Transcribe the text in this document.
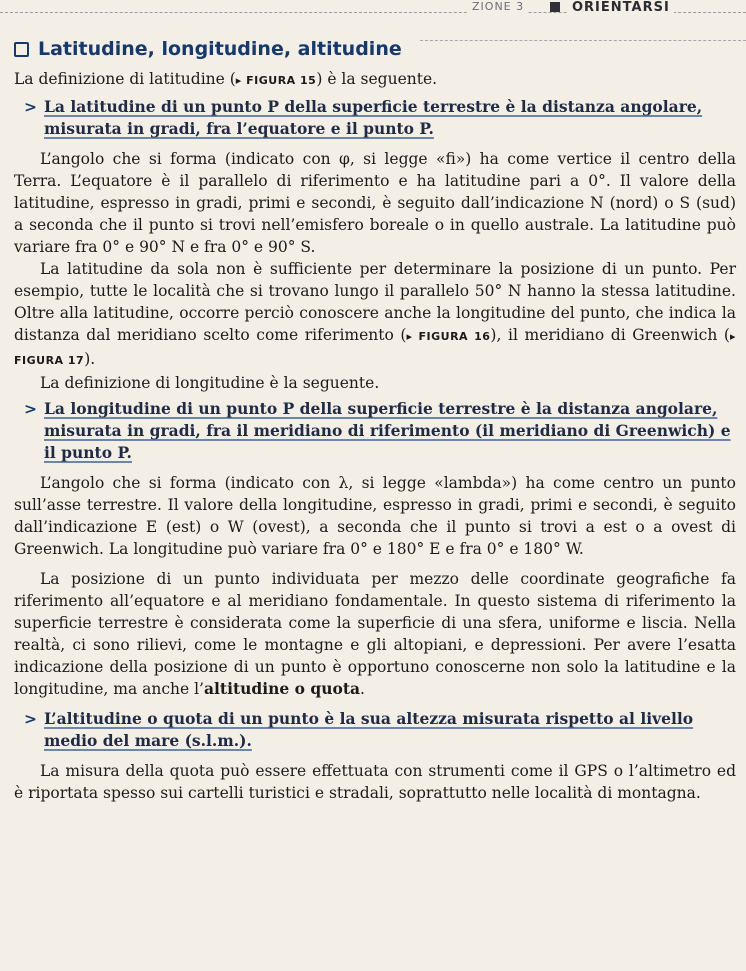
ZIONE 3	ORIENTARSI
Latitudine, longitudine, altitudine

La definizione di latitudine (▸ FIGURA 15) è la seguente.

> La latitudine di un punto P della superficie terrestre è la distanza angolare, misurata in gradi, fra l’equatore e il punto P.

L’angolo che si forma (indicato con φ, si legge «fi») ha come vertice il centro della Terra. L’equatore è il parallelo di riferimento e ha latitudine pari a 0°. Il valore della latitudine, espresso in gradi, primi e secondi, è seguito dall’indicazione N (nord) o S (sud) a seconda che il punto si trovi nell’emisfero boreale o in quello australe. La latitudine può variare fra 0° e 90° N e fra 0° e 90° S.

La latitudine da sola non è sufficiente per determinare la posizione di un punto. Per esempio, tutte le località che si trovano lungo il parallelo 50° N hanno la stessa latitudine. Oltre alla latitudine, occorre perciò conoscere anche la longitudine del punto, che indica la distanza dal meridiano scelto come riferimento (▸ FIGURA 16), il meridiano di Greenwich (▸ FIGURA 17).

La definizione di longitudine è la seguente.

> La longitudine di un punto P della superficie terrestre è la distanza angolare, misurata in gradi, fra il meridiano di riferimento (il meridiano di Greenwich) e il punto P.

L’angolo che si forma (indicato con λ, si legge «lambda») ha come centro un punto sull’asse terrestre. Il valore della longitudine, espresso in gradi, primi e secondi, è seguito dall’indicazione E (est) o W (ovest), a seconda che il punto si trovi a est o a ovest di Greenwich. La longitudine può variare fra 0° e 180° E e fra 0° e 180° W.

La posizione di un punto individuata per mezzo delle coordinate geografiche fa riferimento all’equatore e al meridiano fondamentale. In questo sistema di riferimento la superficie terrestre è considerata come la superficie di una sfera, uniforme e liscia. Nella realtà, ci sono rilievi, come le montagne e gli altopiani, e depressioni. Per avere l’esatta indicazione della posizione di un punto è opportuno conoscerne non solo la latitudine e la longitudine, ma anche l’altitudine o quota.

> L’altitudine o quota di un punto è la sua altezza misurata rispetto al livello medio del mare (s.l.m.).

La misura della quota può essere effettuata con strumenti come il GPS o l’altimetro ed è riportata spesso sui cartelli turistici e stradali, soprattutto nelle località di montagna.
